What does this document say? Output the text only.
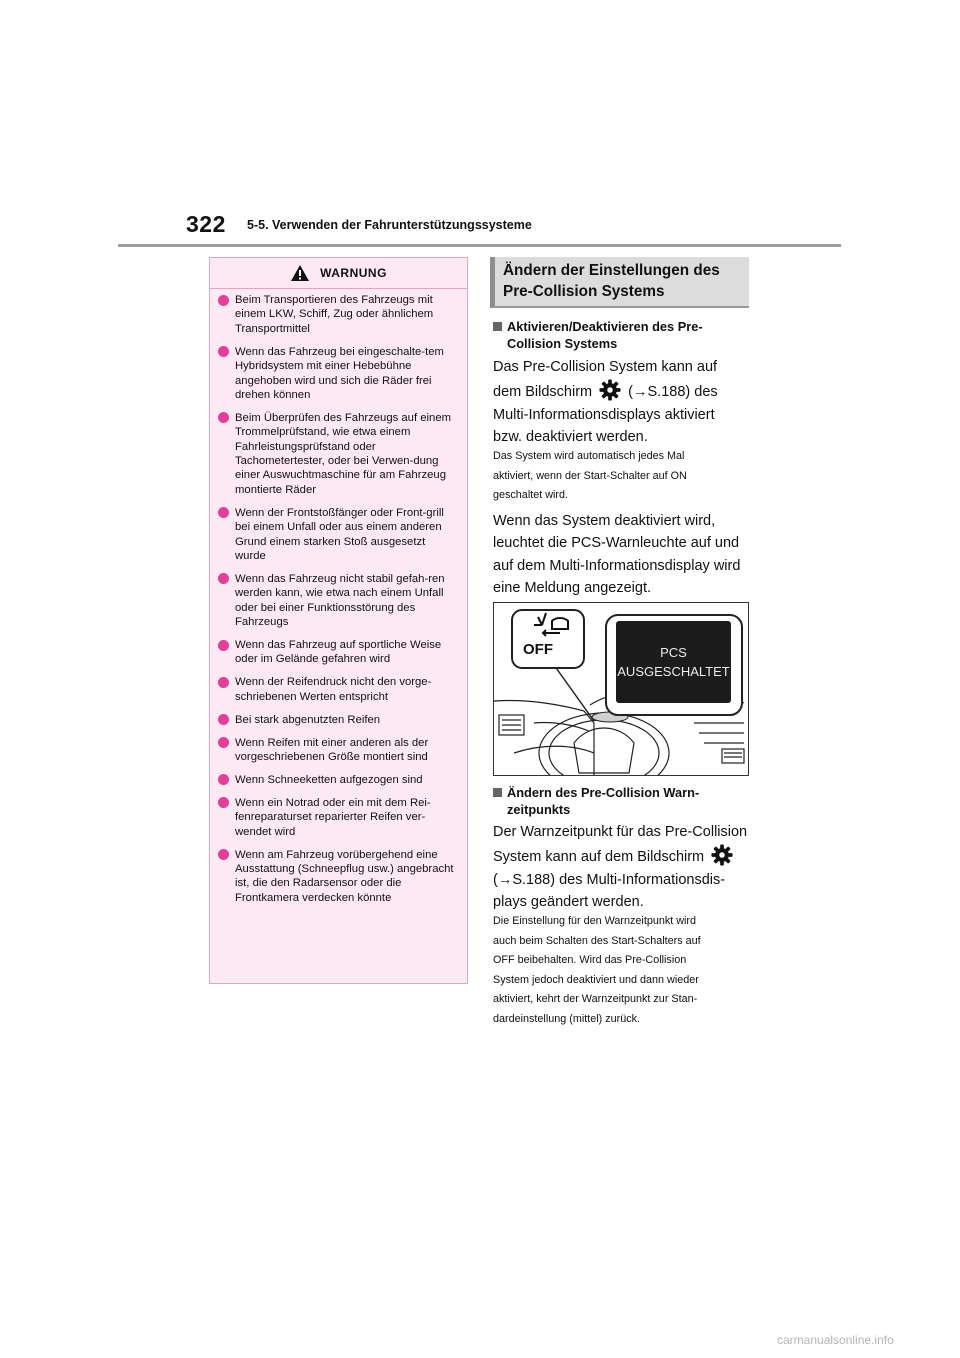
322 5-5. Verwenden der Fahrunterstützungssysteme
WARNUNG
Beim Transportieren des Fahrzeugs mit einem LKW, Schiff, Zug oder ähnlichem Transportmittel
Wenn das Fahrzeug bei eingeschalte-tem Hybridsystem mit einer Hebebühne angehoben wird und sich die Räder frei drehen können
Beim Überprüfen des Fahrzeugs auf einem Trommelprüfstand, wie etwa einem Fahrleistungsprüfstand oder Tachometertester, oder bei Verwen-dung einer Auswuchtmaschine für am Fahrzeug montierte Räder
Wenn der Frontstoßfänger oder Front-grill bei einem Unfall oder aus einem anderen Grund einem starken Stoß ausgesetzt wurde
Wenn das Fahrzeug nicht stabil gefah-ren werden kann, wie etwa nach einem Unfall oder bei einer Funktionsstörung des Fahrzeugs
Wenn das Fahrzeug auf sportliche Weise oder im Gelände gefahren wird
Wenn der Reifendruck nicht den vorge-schriebenen Werten entspricht
Bei stark abgenutzten Reifen
Wenn Reifen mit einer anderen als der vorgeschriebenen Größe montiert sind
Wenn Schneeketten aufgezogen sind
Wenn ein Notrad oder ein mit dem Rei-fenreparaturset reparierter Reifen ver-wendet wird
Wenn am Fahrzeug vorübergehend eine Ausstattung (Schneepflug usw.) angebracht ist, die den Radarsensor oder die Frontkamera verdecken könnte
Ändern der Einstellungen des
Pre-Collision Systems
Aktivieren/Deaktivieren des Pre-
Collision Systems
Das Pre-Collision System kann auf
dem Bildschirm (→S.188) des
Multi-Informationsdisplays aktiviert
bzw. deaktiviert werden.
Das System wird automatisch jedes Mal
aktiviert, wenn der Start-Schalter auf ON
geschaltet wird.
Wenn das System deaktiviert wird,
leuchtet die PCS-Warnleuchte auf und
auf dem Multi-Informationsdisplay wird
eine Meldung angezeigt.
OFF	PCS
AUSGESCHALTET
Ändern des Pre-Collision Warn-
zeitpunkts
Der Warnzeitpunkt für das Pre-Collision
System kann auf dem Bildschirm
(→S.188) des Multi-Informationsdis-
plays geändert werden.
Die Einstellung für den Warnzeitpunkt wird
auch beim Schalten des Start-Schalters auf
OFF beibehalten. Wird das Pre-Collision
System jedoch deaktiviert und dann wieder
aktiviert, kehrt der Warnzeitpunkt zur Stan-
dardeinstellung (mittel) zurück.
carmanualsonline.info
